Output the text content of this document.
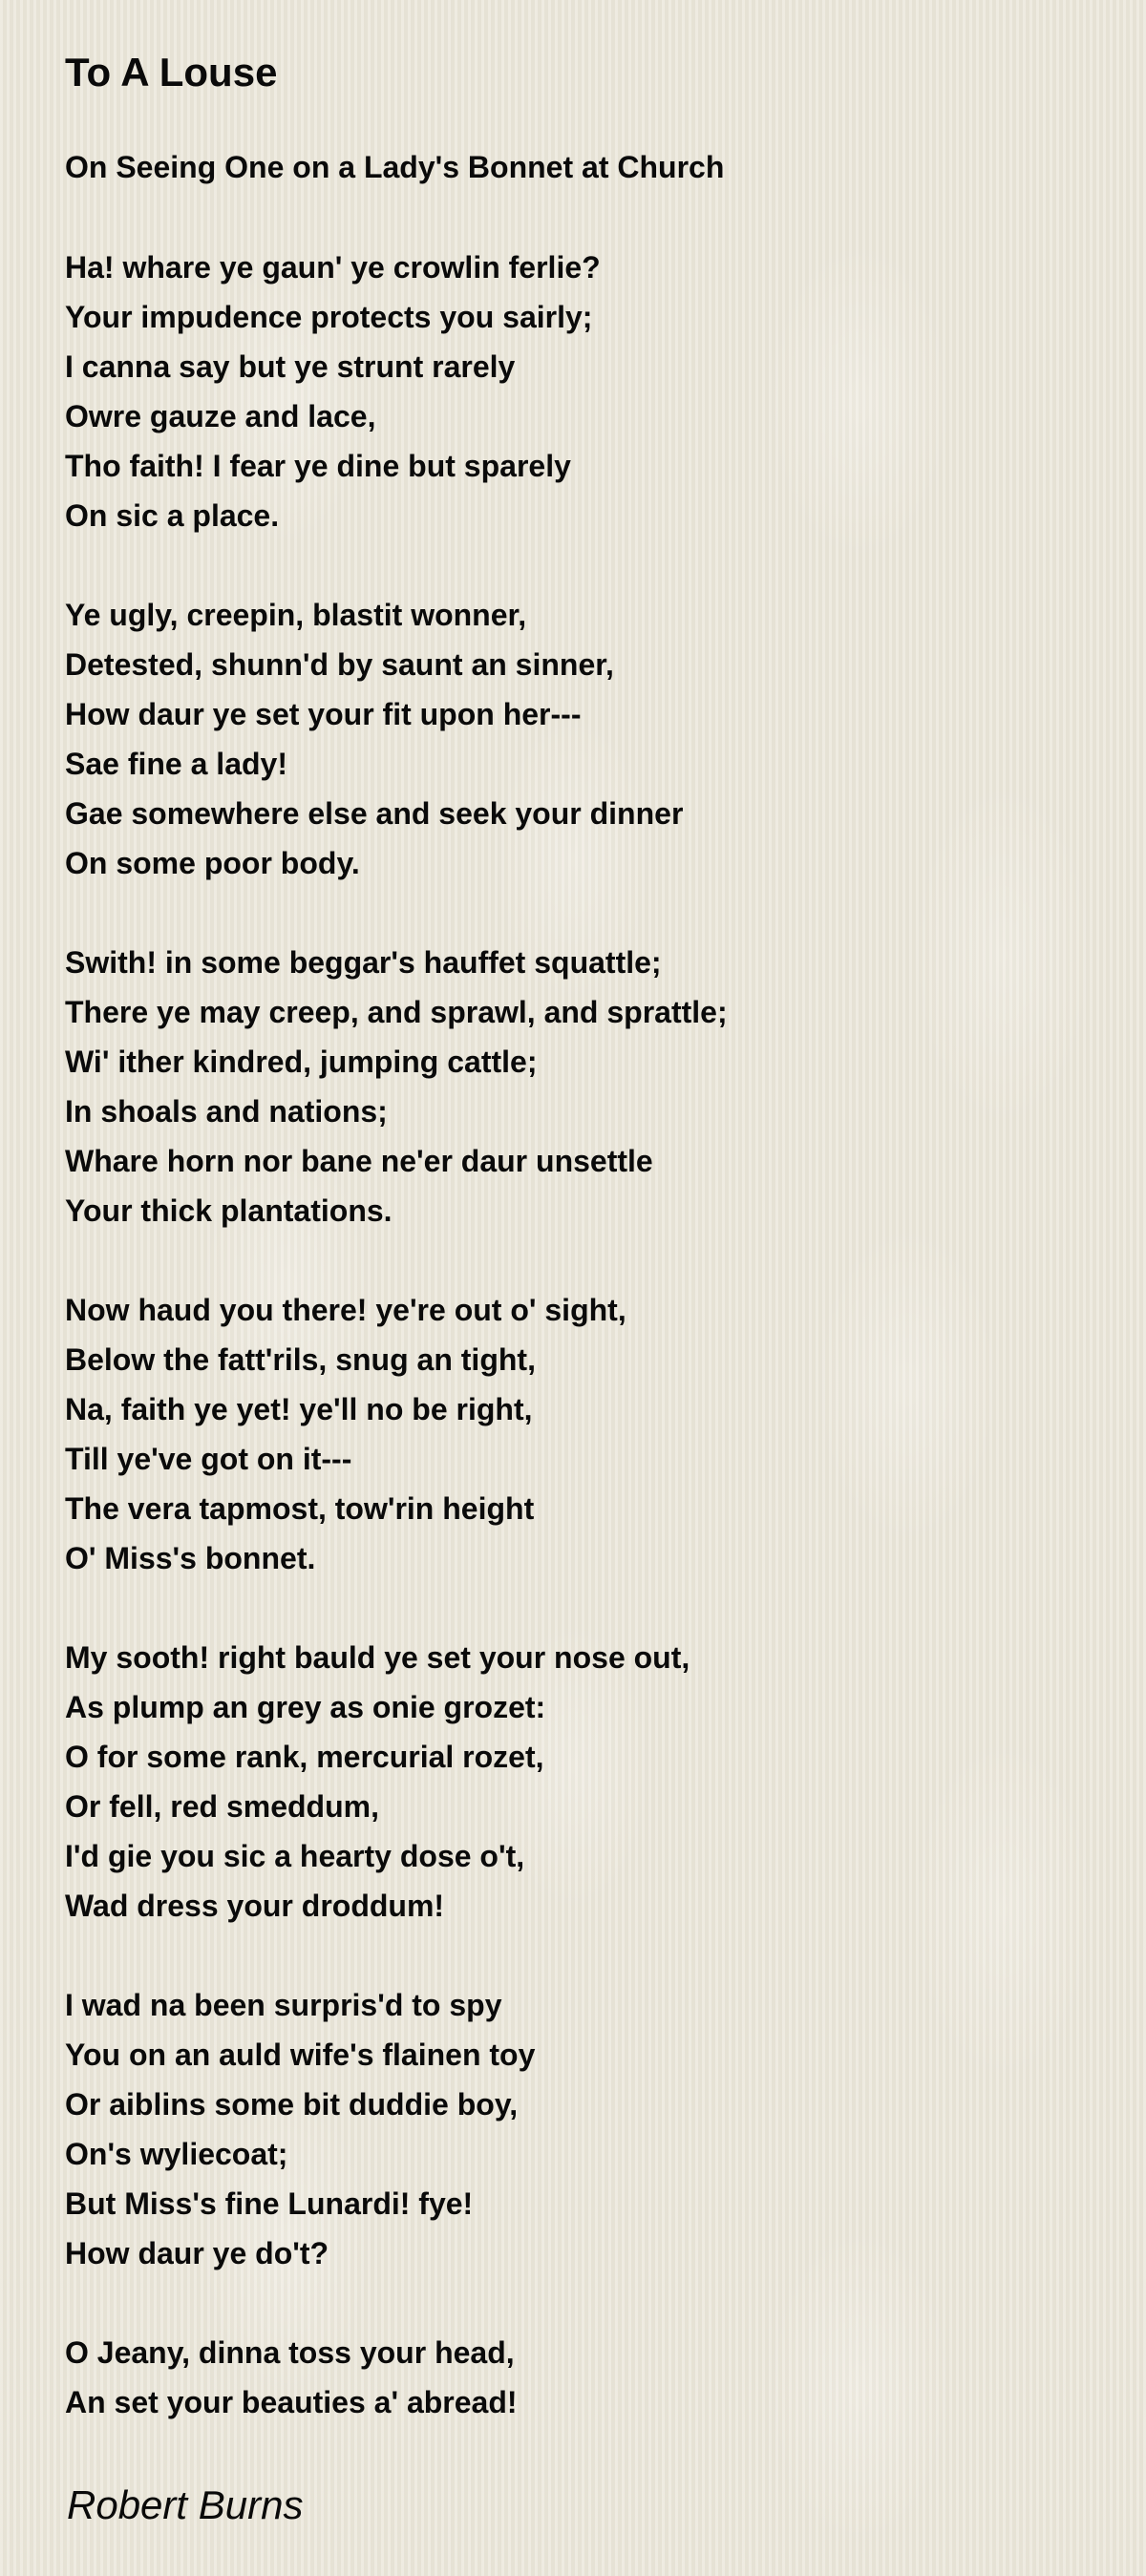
To A Louse
On Seeing One on a Lady's Bonnet at Church
Ha! whare ye gaun' ye crowlin ferlie?
Your impudence protects you sairly;
I canna say but ye strunt rarely
Owre gauze and lace,
Tho faith! I fear ye dine but sparely
On sic a place.
Ye ugly, creepin, blastit wonner,
Detested, shunn'd by saunt an sinner,
How daur ye set your fit upon her---
Sae fine a lady!
Gae somewhere else and seek your dinner
On some poor body.
Swith! in some beggar's hauffet squattle;
There ye may creep, and sprawl, and sprattle;
Wi' ither kindred, jumping cattle;
In shoals and nations;
Whare horn nor bane ne'er daur unsettle
Your thick plantations.
Now haud you there! ye're out o' sight,
Below the fatt'rils, snug an tight,
Na, faith ye yet! ye'll no be right,
Till ye've got on it---
The vera tapmost, tow'rin height
O' Miss's bonnet.
My sooth! right bauld ye set your nose out,
As plump an grey as onie grozet:
O for some rank, mercurial rozet,
Or fell, red smeddum,
I'd gie you sic a hearty dose o't,
Wad dress your droddum!
I wad na been surpris'd to spy
You on an auld wife's flainen toy
Or aiblins some bit duddie boy,
On's wyliecoat;
But Miss's fine Lunardi! fye!
How daur ye do't?
O Jeany, dinna toss your head,
An set your beauties a' abread!
Robert Burns
